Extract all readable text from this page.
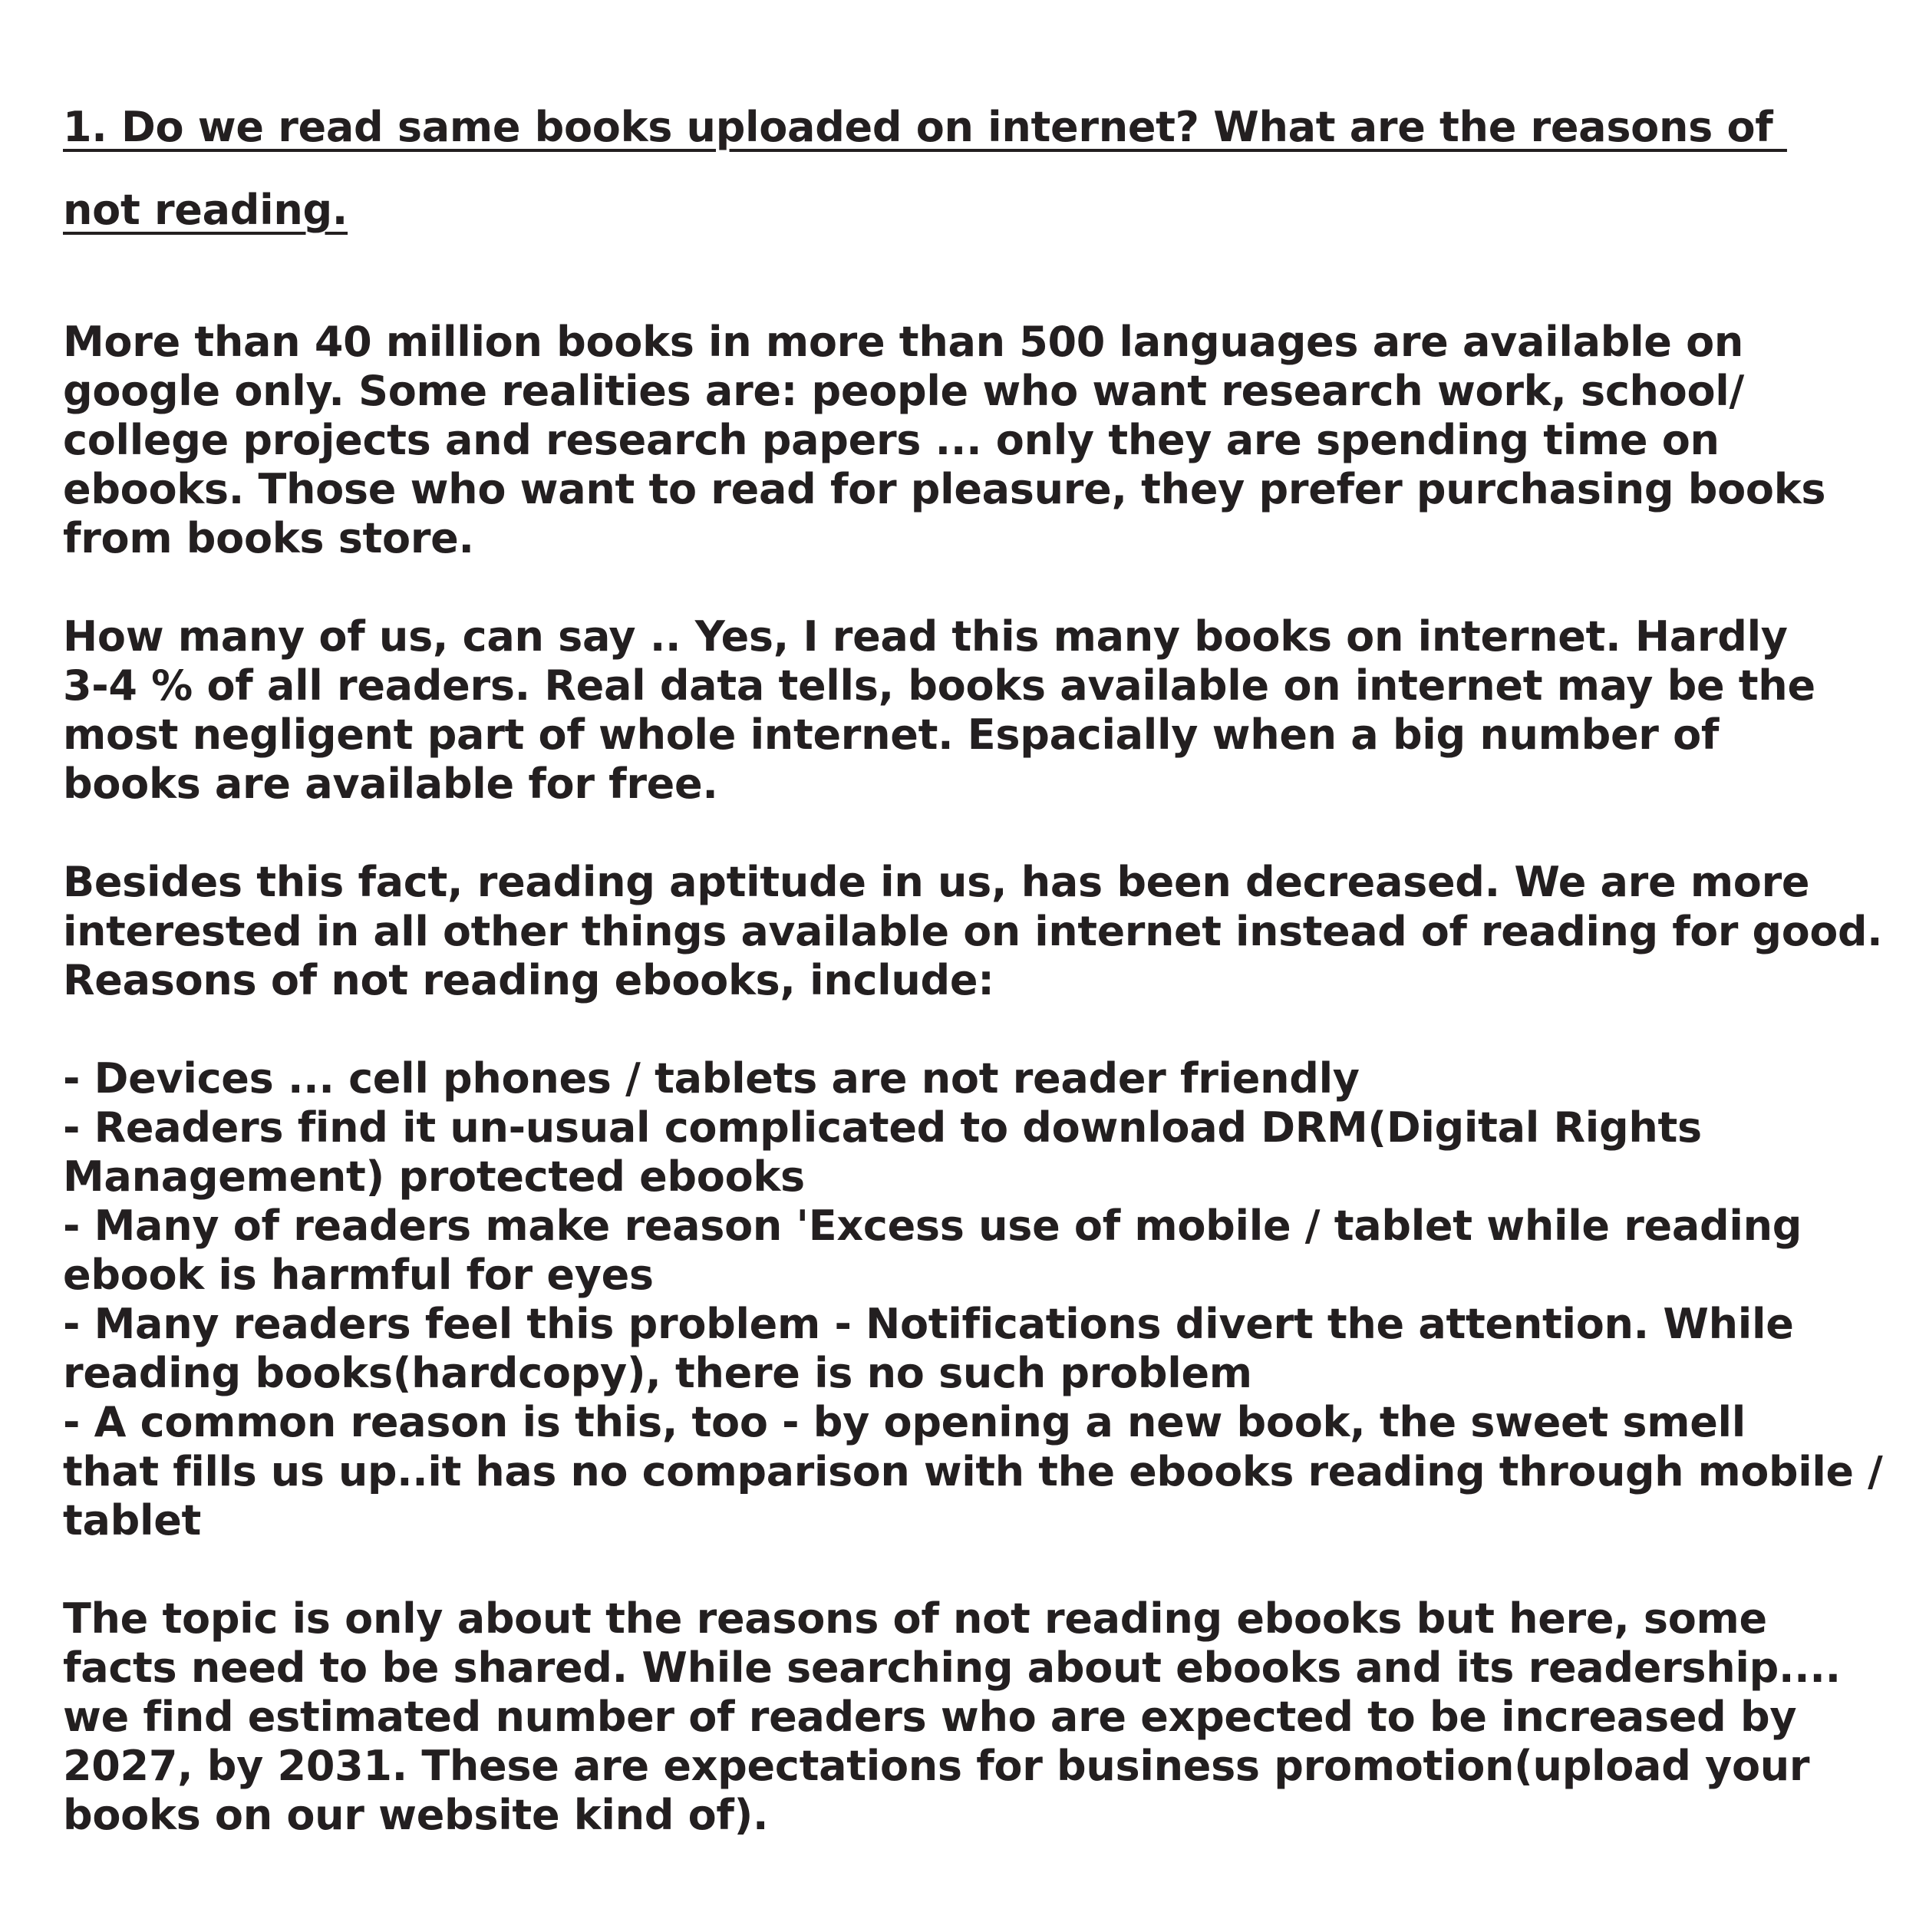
1. Do we read same books uploaded on internet? What are the reasons of
not reading.

More than 40 million books in more than 500 languages are available on
google only. Some realities are: people who want research work, school/
college projects and research papers ... only they are spending time on
ebooks. Those who want to read for pleasure, they prefer purchasing books
from books store.

How many of us, can say .. Yes, I read this many books on internet. Hardly
3-4 % of all readers. Real data tells, books available on internet may be the
most negligent part of whole internet. Espacially when a big number of
books are available for free.

Besides this fact, reading aptitude in us, has been decreased. We are more
interested in all other things available on internet instead of reading for good.
Reasons of not reading ebooks, include:

- Devices ... cell phones / tablets are not reader friendly
- Readers find it un-usual complicated to download DRM(Digital Rights
Management) protected ebooks
- Many of readers make reason 'Excess use of mobile / tablet while reading
ebook is harmful for eyes
- Many readers feel this problem - Notifications divert the attention. While
reading books(hardcopy), there is no such problem
- A common reason is this, too - by opening a new book, the sweet smell
that fills us up..it has no comparison with the ebooks reading through mobile /
tablet

The topic is only about the reasons of not reading ebooks but here, some
facts need to be shared. While searching about ebooks and its readership....
we find estimated number of readers who are expected to be increased by
2027, by 2031. These are expectations for business promotion(upload your
books on our website kind of).
